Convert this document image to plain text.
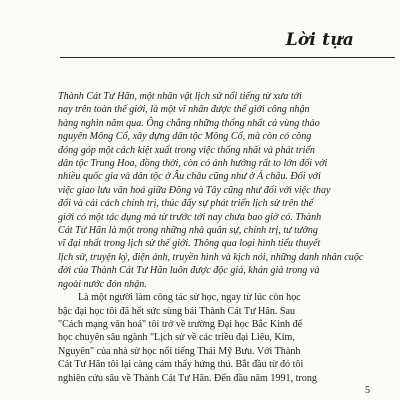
Lời tựa

Thành Cát Tư Hãn, một nhân vật lịch sử nổi tiếng từ xưa tới
nay trên toàn thế giới, là một vĩ nhân được thế giới công nhận
hàng nghìn năm qua. Ông chẳng những thống nhất cả vùng thảo
nguyên Mông Cổ, xây dựng dân tộc Mông Cổ, mà còn có công
đóng góp một cách kiệt xuất trong việc thống nhất và phát triển
dân tộc Trung Hoa, đồng thời, còn có ảnh hưởng rất to lớn đối với
nhiều quốc gia và dân tộc ở Âu châu cũng như ở Á châu. Đối với
việc giao lưu văn hoá giữa Đông và Tây cũng như đối với việc thay
đổi và cải cách chính trị, thúc đẩy sự phát triển lịch sử trên thế
giới có một tác dụng mà từ trước tới nay chưa bao giờ có. Thành
Cát Tư Hãn là một trong những nhà quân sự, chính trị, tư tưởng
vĩ đại nhất trong lịch sử thế giới. Thông qua loại hình tiểu thuyết
lịch sử, truyện ký, điện ảnh, truyền hình và kịch nói, những danh nhân cuộc
đời của Thành Cát Tư Hãn luôn được độc giả, khán giả trong và
ngoài nước đón nhận.

Là một người làm công tác sử học, ngay từ lúc còn học
bậc đại học tôi đã hết sức sùng bái Thành Cát Tư Hãn. Sau
"Cách mạng văn hoá" tôi trở về trường Đại học Bắc Kinh để
học chuyên sâu ngành "Lịch sử về các triều đại Liêu, Kim,
Nguyên" của nhà sử học nổi tiếng Thái Mỹ Bưu. Với Thành
Cát Tư Hãn tôi lại càng cảm thấy hứng thú. Bắt đầu từ đó tôi
nghiên cứu sâu về Thành Cát Tư Hãn. Đến đầu năm 1991, trong

5
